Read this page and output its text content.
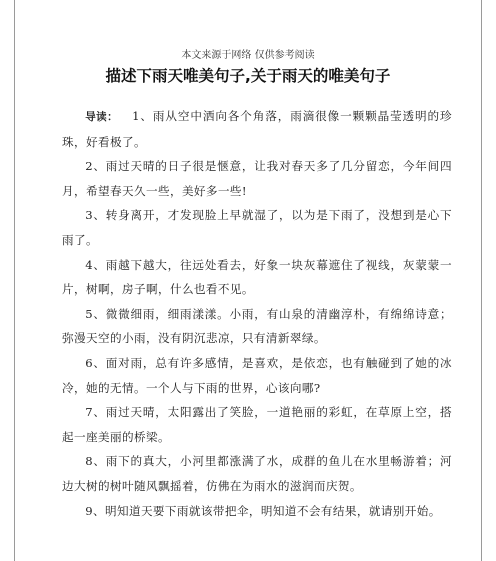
本文来源于网络 仅供参考阅读
描述下雨天唯美句子,关于雨天的唯美句子

导读： 1、雨从空中洒向各个角落，雨滴很像一颗颗晶莹透明的珍珠，好看极了。

2、雨过天晴的日子很是惬意，让我对春天多了几分留恋，今年间四月，希望春天久一些，美好多一些!

3、转身离开，才发现脸上早就湿了，以为是下雨了，没想到是心下雨了。

4、雨越下越大，往远处看去，好象一块灰幕遮住了视线，灰蒙蒙一片，树啊，房子啊，什么也看不见。

5、微微细雨，细雨漾漾。小雨，有山泉的清幽淳朴，有绵绵诗意；弥漫天空的小雨，没有阴沉悲凉，只有清新翠绿。

6、面对雨，总有许多感情，是喜欢，是依恋，也有触碰到了她的冰冷，她的无情。一个人与下雨的世界，心该向哪?

7、雨过天晴，太阳露出了笑脸，一道艳丽的彩虹，在草原上空，搭起一座美丽的桥梁。

8、雨下的真大，小河里都涨满了水，成群的鱼儿在水里畅游着；河边大树的树叶随风飘摇着，仿佛在为雨水的滋润而庆贺。

9、明知道天要下雨就该带把伞，明知道不会有结果，就请别开始。
